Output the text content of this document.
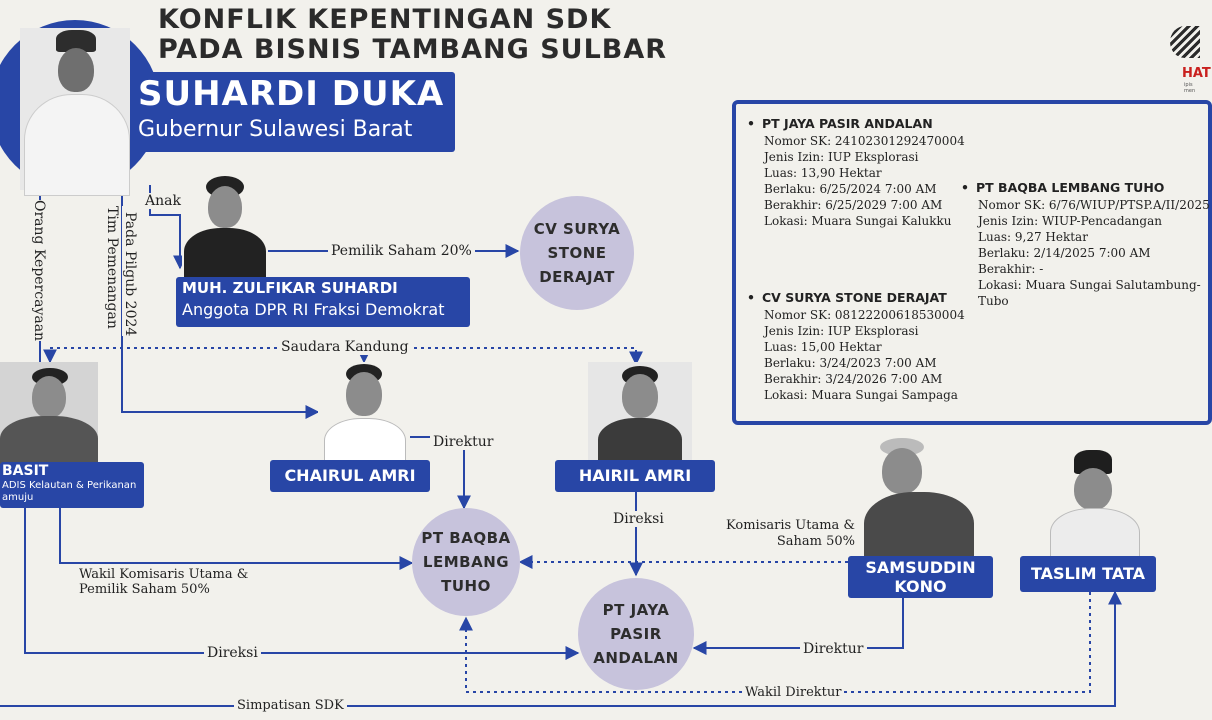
KONFLIK KEPENTINGAN SDK
PADA BISNIS TAMBANG SULBAR
HAT
ipis men
Anak
Pemilik Saham 20%
Orang Kepercayaan	Tim Pemenangan Pada Pilgub 2024
Saudara Kandung
Direktur
Direksi	Komisaris Utama &
Saham 50%
Wakil Komisaris Utama &
Pemilik Saham 50%
Direksi	Direktur
Wakil Direktur
Simpatisan SDK
SUHARDI DUKA
Gubernur Sulawesi Barat
MUH. ZULFIKAR SUHARDI
Anggota DPR RI Fraksi Demokrat
CV SURYA
STONE
DERAJAT
BASIT
ADIS Kelautan & Perikanan
amuju
CHAIRUL AMRI	HAIRIL AMRI
PT BAQBA
LEMBANG
TUHO
PT JAYA
PASIR
ANDALAN
SAMSUDDIN
KONO
TASLIM TATA
• PT JAYA PASIR ANDALAN
Nomor SK: 24102301292470004
Jenis Izin: IUP Eksplorasi
Luas: 13,90 Hektar
Berlaku: 6/25/2024 7:00 AM
Berakhir: 6/25/2029 7:00 AM
Lokasi: Muara Sungai Kalukku
• CV SURYA STONE DERAJAT
Nomor SK: 08122200618530004
Jenis Izin: IUP Eksplorasi
Luas: 15,00 Hektar
Berlaku: 3/24/2023 7:00 AM
Berakhir: 3/24/2026 7:00 AM
Lokasi: Muara Sungai Sampaga
• PT BAQBA LEMBANG TUHO
Nomor SK: 6/76/WIUP/PTSP.A/II/2025
Jenis Izin: WIUP-Pencadangan
Luas: 9,27 Hektar
Berlaku: 2/14/2025 7:00 AM
Berakhir: -
Lokasi: Muara Sungai Salutambung-
Tubo
